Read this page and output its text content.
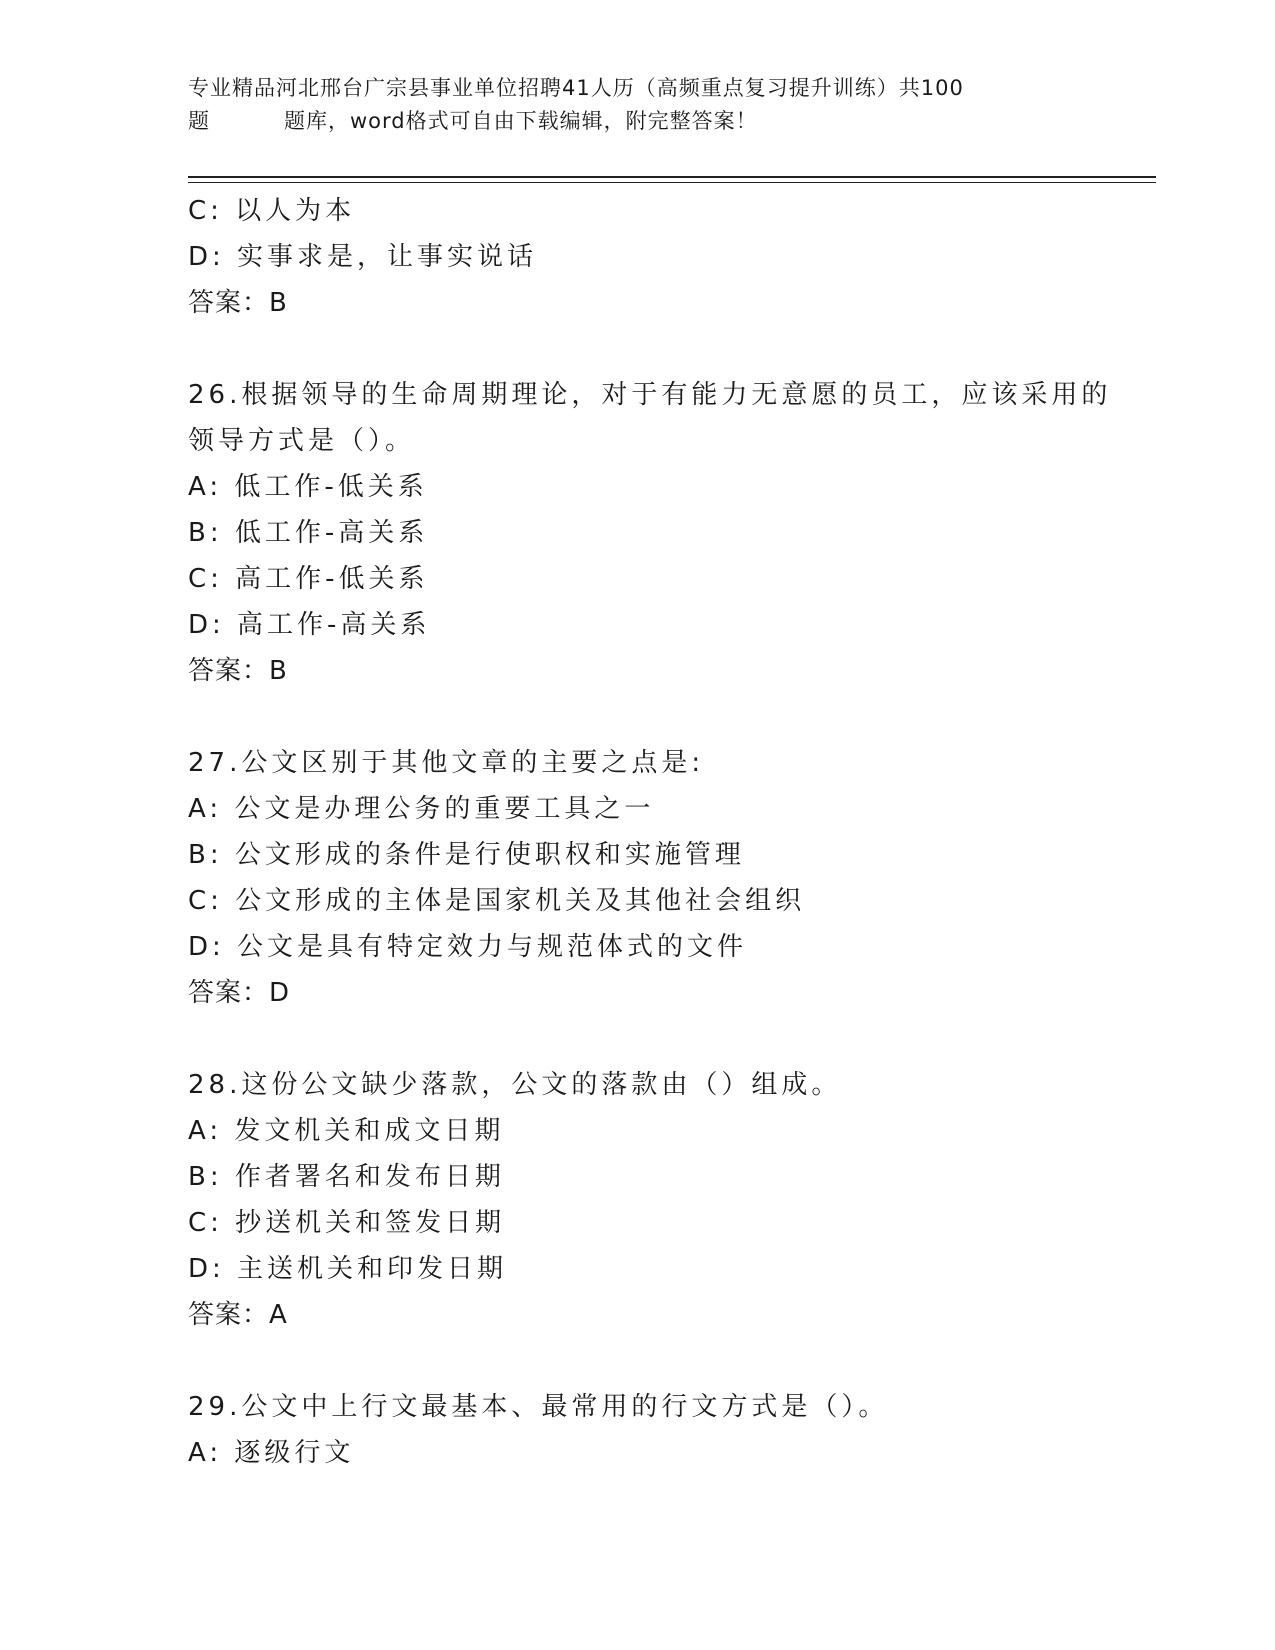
专业精品河北邢台广宗县事业单位招聘41人历（高频重点复习提升训练）共100
题	题库，word格式可自由下载编辑，附完整答案！
C: 以人为本
D: 实事求是，让事实说话
答案：B
26.根据领导的生命周期理论，对于有能力无意愿的员工，应该采用的
领导方式是（）。
A: 低工作-低关系
B: 低工作-高关系
C: 高工作-低关系
D: 高工作-高关系
答案：B
27.公文区别于其他文章的主要之点是:
A: 公文是办理公务的重要工具之一
B: 公文形成的条件是行使职权和实施管理
C: 公文形成的主体是国家机关及其他社会组织
D: 公文是具有特定效力与规范体式的文件
答案：D
28.这份公文缺少落款，公文的落款由（）组成。
A: 发文机关和成文日期
B: 作者署名和发布日期
C: 抄送机关和签发日期
D: 主送机关和印发日期
答案：A
29.公文中上行文最基本、最常用的行文方式是（）。
A: 逐级行文
